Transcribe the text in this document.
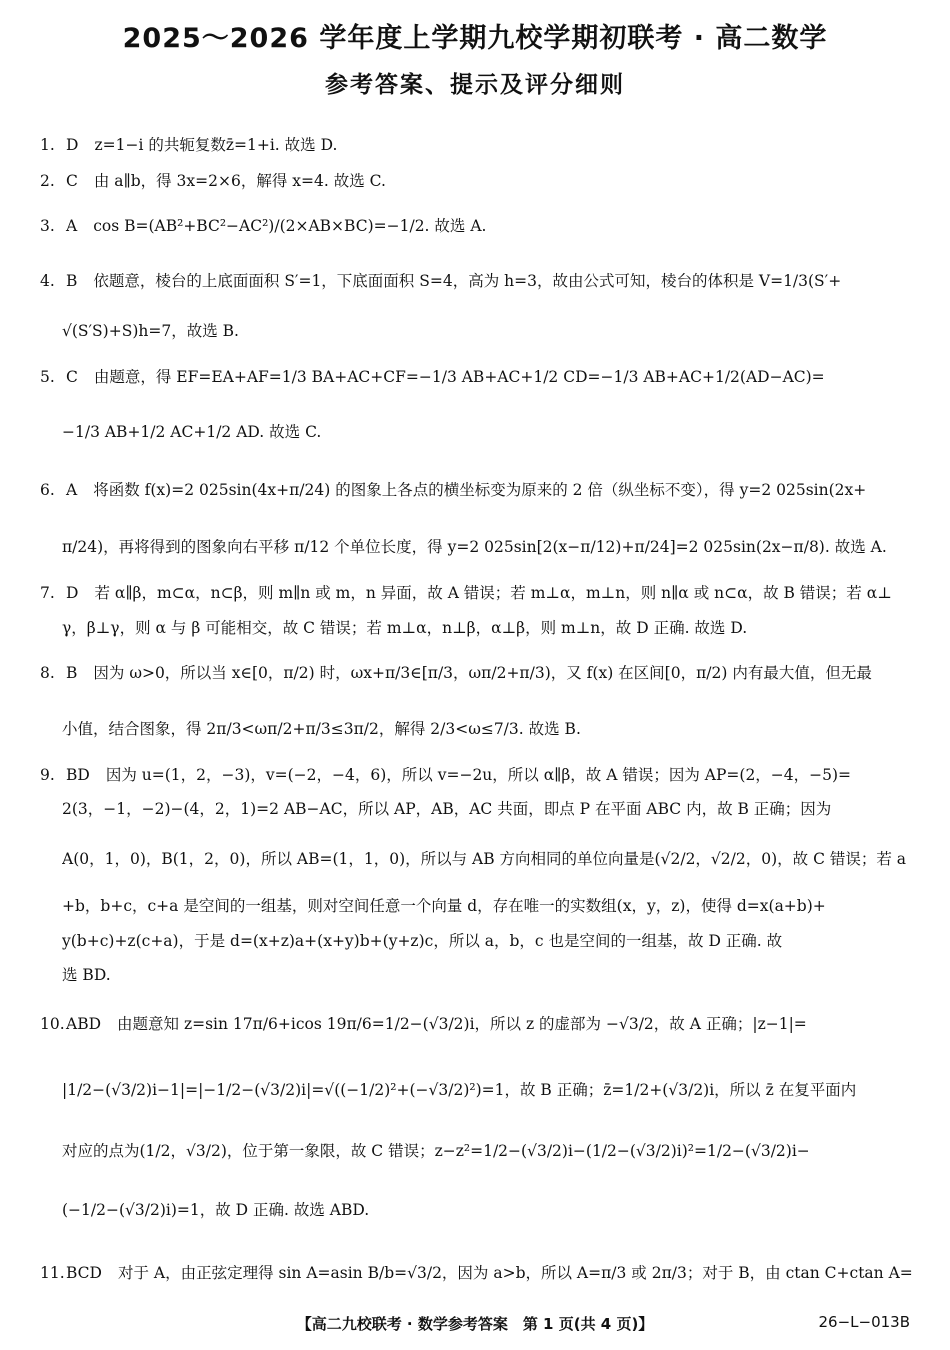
2025～2026 学年度上学期九校学期初联考 · 高二数学
参考答案、提示及评分细则
1. D z=1−i 的共轭复数z̄=1+i. 故选 D.
2. C 由 a∥b，得 3x=2×6，解得 x=4. 故选 C.
3. A cos B=(AB²+BC²−AC²)/(2×AB×BC)=−1/2. 故选 A.
4. B 依题意，棱台的上底面面积 S′=1，下底面面积 S=4，高为 h=3，故由公式可知，棱台的体积是 V=1/3(S′+
√(S′S)+S)h=7，故选 B.
5. C 由题意，得 EF=EA+AF=1/3 BA+AC+CF=−1/3 AB+AC+1/2 CD=−1/3 AB+AC+1/2(AD−AC)=
−1/3 AB+1/2 AC+1/2 AD. 故选 C.
6. A 将函数 f(x)=2 025sin(4x+π/24) 的图象上各点的横坐标变为原来的 2 倍（纵坐标不变），得 y=2 025sin(2x+
π/24)，再将得到的图象向右平移 π/12 个单位长度，得 y=2 025sin[2(x−π/12)+π/24]=2 025sin(2x−π/8). 故选 A.
7. D 若 α∥β，m⊂α，n⊂β，则 m∥n 或 m，n 异面，故 A 错误；若 m⊥α，m⊥n，则 n∥α 或 n⊂α，故 B 错误；若 α⊥
γ，β⊥γ，则 α 与 β 可能相交，故 C 错误；若 m⊥α，n⊥β，α⊥β，则 m⊥n，故 D 正确. 故选 D.
8. B 因为 ω>0，所以当 x∈[0，π/2) 时，ωx+π/3∈[π/3，ωπ/2+π/3)，又 f(x) 在区间[0，π/2) 内有最大值，但无最
小值，结合图象，得 2π/3<ωπ/2+π/3≤3π/2，解得 2/3<ω≤7/3. 故选 B.
9. BD 因为 u=(1，2，−3)，v=(−2，−4，6)，所以 v=−2u，所以 α∥β，故 A 错误；因为 AP=(2，−4，−5)=
2(3，−1，−2)−(4，2，1)=2 AB−AC，所以 AP，AB，AC 共面，即点 P 在平面 ABC 内，故 B 正确；因为
A(0，1，0)，B(1，2，0)，所以 AB=(1，1，0)，所以与 AB 方向相同的单位向量是(√2/2，√2/2，0)，故 C 错误；若 a
+b，b+c，c+a 是空间的一组基，则对空间任意一个向量 d，存在唯一的实数组(x，y，z)，使得 d=x(a+b)+
y(b+c)+z(c+a)，于是 d=(x+z)a+(x+y)b+(y+z)c，所以 a，b，c 也是空间的一组基，故 D 正确. 故
选 BD.
10.ABD 由题意知 z=sin 17π/6+icos 19π/6=1/2−(√3/2)i，所以 z 的虚部为 −√3/2，故 A 正确；|z−1|=
|1/2−(√3/2)i−1|=|−1/2−(√3/2)i|=√((−1/2)²+(−√3/2)²)=1，故 B 正确；z̄=1/2+(√3/2)i，所以 z̄ 在复平面内
对应的点为(1/2，√3/2)，位于第一象限，故 C 错误；z−z²=1/2−(√3/2)i−(1/2−(√3/2)i)²=1/2−(√3/2)i−
(−1/2−(√3/2)i)=1，故 D 正确. 故选 ABD.
11.BCD 对于 A，由正弦定理得 sin A=asin B/b=√3/2，因为 a>b，所以 A=π/3 或 2π/3；对于 B，由 ctan C+ctan A=
【高二九校联考 · 数学参考答案　第 1 页(共 4 页)】	26−L−013B
